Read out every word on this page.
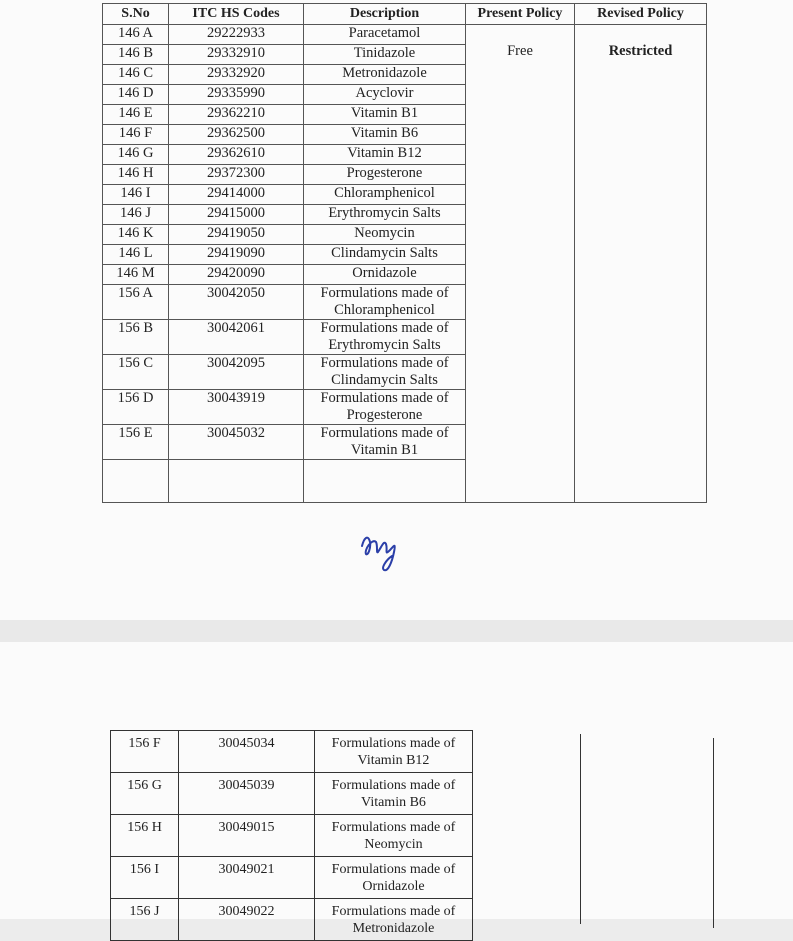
S.No	ITC HS Codes	Description	Present Policy	Revised Policy
146 A	29222933	Paracetamol	Free	Restricted
146 B	29332910	Tinidazole		
146 C	29332920	Metronidazole		
146 D	29335990	Acyclovir		
146 E	29362210	Vitamin B1		
146 F	29362500	Vitamin B6		
146 G	29362610	Vitamin B12		
146 H	29372300	Progesterone		
146 I	29414000	Chloramphenicol		
146 J	29415000	Erythromycin Salts		
146 K	29419050	Neomycin		
146 L	29419090	Clindamycin Salts		
146 M	29420090	Ornidazole		
156 A	30042050	Formulations made of Chloramphenicol		
156 B	30042061	Formulations made of Erythromycin Salts		
156 C	30042095	Formulations made of Clindamycin Salts		
156 D	30043919	Formulations made of Progesterone		
156 E	30045032	Formulations made of Vitamin B1		

156 F	30045034	Formulations made of Vitamin B12
156 G	30045039	Formulations made of Vitamin B6
156 H	30049015	Formulations made of Neomycin
156 I	30049021	Formulations made of Ornidazole
156 J	30049022	Formulations made of Metronidazole
